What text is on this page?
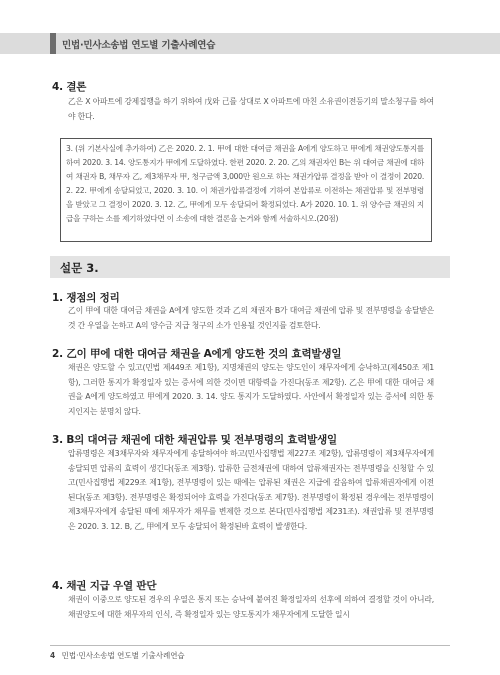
민법·민사소송법 연도별 기출사례연습
4. 결론
乙은 X 아파트에 강제집행을 하기 위하여 戊와 己를 상대로 X 아파트에 마친 소유권이전등기의 말소청구를 하여야 한다.
3. (위 기본사실에 추가하여) 乙은 2020. 2. 1. 甲에 대한 대여금 채권을 A에게 양도하고 甲에게 채권양도통지를 하여 2020. 3. 14. 양도통지가 甲에게 도달하였다. 한편 2020. 2. 20. 乙의 채권자인 B는 위 대여금 채권에 대하여 채권자 B, 채무자 乙, 제3채무자 甲, 청구금액 3,000만 원으로 하는 채권가압류 결정을 받아 이 결정이 2020. 2. 22. 甲에게 송달되었고, 2020. 3. 10. 이 채권가압류결정에 기하여 본압류로 이전하는 채권압류 및 전부명령을 받았고 그 결정이 2020. 3. 12. 乙, 甲에게 모두 송달되어 확정되었다. A가 2020. 10. 1. 위 양수금 채권의 지급을 구하는 소를 제기하였다면 이 소송에 대한 결론을 논거와 함께 서술하시오.(20점)
설문 3.
1. 쟁점의 정리
乙이 甲에 대한 대여금 채권을 A에게 양도한 것과 乙의 채권자 B가 대여금 채권에 압류 및 전부명령을 송달받은 것 간 우열을 논하고 A의 양수금 지급 청구의 소가 인용될 것인지를 검토한다.
2. 乙이 甲에 대한 대여금 채권을 A에게 양도한 것의 효력발생일
채권은 양도할 수 있고(민법 제449조 제1항), 지명채권의 양도는 양도인이 채무자에게 승낙하고(제450조 제1항), 그러한 통지가 확정일자 있는 증서에 의한 것이면 대항력을 가진다(동조 제2항). 乙은 甲에 대한 대여금 채권을 A에게 양도하였고 甲에게 2020. 3. 14. 양도 통지가 도달하였다. 사안에서 확정일자 있는 증서에 의한 통지인지는 분명치 않다.
3. B의 대여금 채권에 대한 채권압류 및 전부명령의 효력발생일
압류명령은 제3채무자와 채무자에게 송달하여야 하고(민사집행법 제227조 제2항), 압류명령이 제3채무자에게 송달되면 압류의 효력이 생긴다(동조 제3항). 압류한 금전채권에 대하여 압류채권자는 전부명령을 신청할 수 있고(민사집행법 제229조 제1항), 전부명령이 있는 때에는 압류된 채권은 지급에 갈음하여 압류채권자에게 이전된다(동조 제3항). 전부명령은 확정되어야 효력을 가진다(동조 제7항). 전부명령이 확정된 경우에는 전부명령이 제3채무자에게 송달된 때에 채무자가 채무를 변제한 것으로 본다(민사집행법 제231조). 채권압류 및 전부명령은 2020. 3. 12. B, 乙, 甲에게 모두 송달되어 확정된바 효력이 발생한다.
4. 채권 지급 우열 판단
채권이 이중으로 양도된 경우의 우열은 통지 또는 승낙에 붙여진 확정일자의 선후에 의하여 결정할 것이 아니라, 채권양도에 대한 채무자의 인식, 즉 확정일자 있는 양도통지가 채무자에게 도달한 일시
4 민법·민사소송법 연도별 기출사례연습
